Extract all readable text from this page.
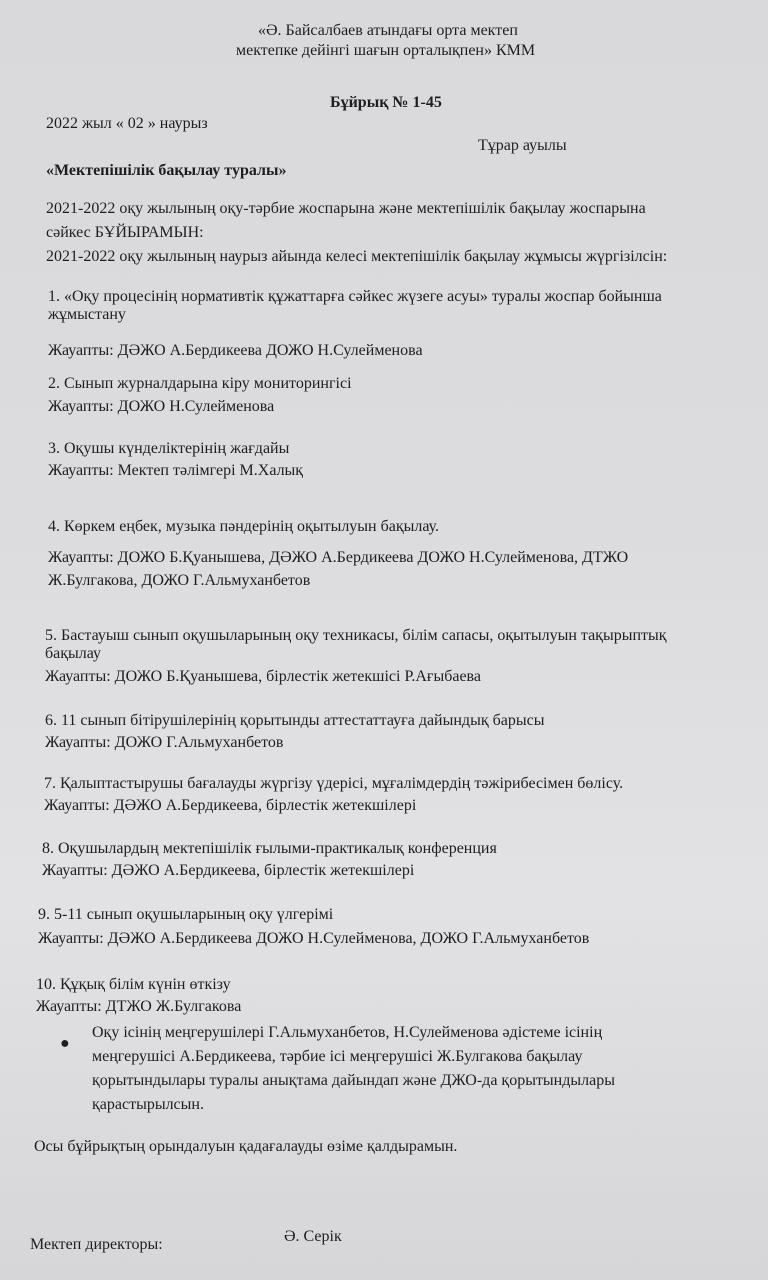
«Ә. Байсалбаев атындағы орта мектеп
мектепке дейінгі шағын орталықпен» КММ
Бұйрық № 1-45
2022 жыл « 02 » наурыз
Тұрар ауылы
«Мектепішілік бақылау туралы»
2021-2022 оқу жылының оқу-тәрбие жоспарына және мектепішілік бақылау жоспарына
сәйкес БҰЙЫРАМЫН:
2021-2022 оқу жылының наурыз айында келесі мектепішілік бақылау жұмысы жүргізілсін:
1. «Оқу процесінің нормативтік құжаттарға сәйкес жүзеге асуы» туралы жоспар бойынша
жұмыстану
Жауапты: ДӘЖО А.Бердикеева ДОЖО Н.Сулейменова
2. Сынып журналдарына кіру мониторингісі
Жауапты: ДОЖО Н.Сулейменова
3. Оқушы күнделіктерінің жағдайы
Жауапты: Мектеп тәлімгері М.Халық
4. Көркем еңбек, музыка пәндерінің оқытылуын бақылау.
Жауапты: ДОЖО Б.Қуанышева, ДӘЖО А.Бердикеева ДОЖО Н.Сулейменова, ДТЖО
Ж.Булгакова, ДОЖО Г.Альмуханбетов
5. Бастауыш сынып оқушыларының оқу техникасы, білім сапасы, оқытылуын тақырыптық
бақылау
Жауапты: ДОЖО Б.Қуанышева, бірлестік жетекшісі Р.Ағыбаева
6. 11 сынып бітірушілерінің қорытынды аттестаттауға дайындық барысы
Жауапты: ДОЖО Г.Альмуханбетов
7. Қалыптастырушы бағалауды жүргізу үдерісі, мұғалімдердің тәжірибесімен бөлісу.
Жауапты: ДӘЖО А.Бердикеева, бірлестік жетекшілері
8. Оқушылардың мектепішілік ғылыми-практикалық конференция
Жауапты: ДӘЖО А.Бердикеева, бірлестік жетекшілері
9. 5-11 сынып оқушыларының оқу үлгерімі
Жауапты: ДӘЖО А.Бердикеева ДОЖО Н.Сулейменова, ДОЖО Г.Альмуханбетов
10. Құқық білім күнін өткізу
Жауапты: ДТЖО Ж.Булгакова
●
Оқу ісінің меңгерушілері Г.Альмуханбетов, Н.Сулейменова әдістеме ісінің
меңгерушісі А.Бердикеева, тәрбие ісі меңгерушісі Ж.Булгакова бақылау
қорытындылары туралы анықтама дайындап және ДЖО-да қорытындылары
қарастырылсын.
Осы бұйрықтың орындалуын қадағалауды өзіме қалдырамын.
Мектеп директоры:	Ә. Серік
